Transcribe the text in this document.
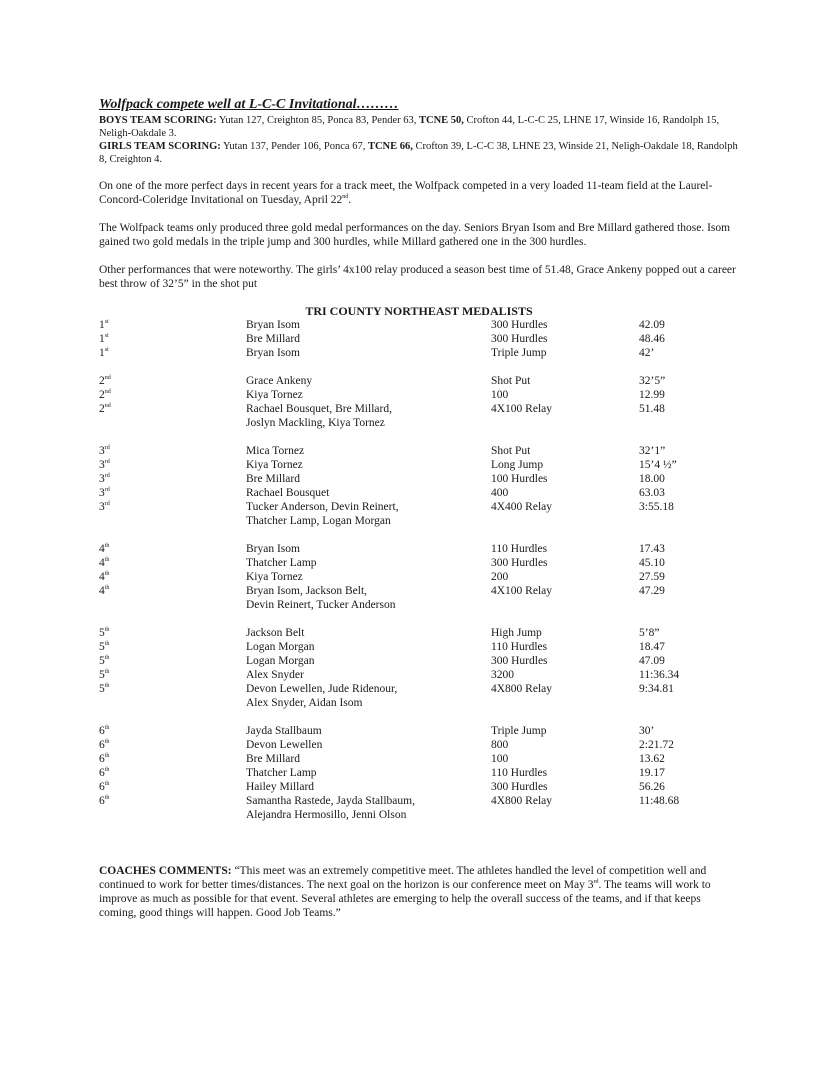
Wolfpack compete well at L-C-C Invitational………
BOYS TEAM SCORING: Yutan 127, Creighton 85, Ponca 83, Pender 63, TCNE 50, Crofton 44, L-C-C 25, LHNE 17, Winside 16, Randolph 15, Neligh-Oakdale 3.
GIRLS TEAM SCORING: Yutan 137, Pender 106, Ponca 67, TCNE 66, Crofton 39, L-C-C 38, LHNE 23, Winside 21, Neligh-Oakdale 18, Randolph 8, Creighton 4.
On one of the more perfect days in recent years for a track meet, the Wolfpack competed in a very loaded 11-team field at the Laurel-Concord-Coleridge Invitational on Tuesday, April 22nd.
The Wolfpack teams only produced three gold medal performances on the day. Seniors Bryan Isom and Bre Millard gathered those. Isom gained two gold medals in the triple jump and 300 hurdles, while Millard gathered one in the 300 hurdles.
Other performances that were noteworthy. The girls’ 4x100 relay produced a season best time of 51.48, Grace Ankeny popped out a career best throw of 32’5” in the shot put
TRI COUNTY NORTHEAST MEDALISTS
1st	Bryan Isom	300 Hurdles	42.09
1st	Bre Millard	300 Hurdles	48.46
1st	Bryan Isom	Triple Jump	42’
2nd	Grace Ankeny	Shot Put	32’5”
2nd	Kiya Tornez	100	12.99
2nd	Rachael Bousquet, Bre Millard,
Joslyn Mackling, Kiya Tornez
4X100 Relay	51.48
3rd	Mica Tornez	Shot Put	32’1”
3rd	Kiya Tornez	Long Jump	15’4 ½”
3rd	Bre Millard	100 Hurdles	18.00
3rd	Rachael Bousquet	400	63.03
3rd	Tucker Anderson, Devin Reinert,
Thatcher Lamp, Logan Morgan
4X400 Relay	3:55.18
4th	Bryan Isom	110 Hurdles	17.43
4th	Thatcher Lamp	300 Hurdles	45.10
4th	Kiya Tornez	200	27.59
4th	Bryan Isom, Jackson Belt,
Devin Reinert, Tucker Anderson
4X100 Relay	47.29
5th	Jackson Belt	High Jump	5’8”
5th	Logan Morgan	110 Hurdles	18.47
5th	Logan Morgan	300 Hurdles	47.09
5th	Alex Snyder	3200	11:36.34
5th	Devon Lewellen, Jude Ridenour,
Alex Snyder, Aidan Isom
4X800 Relay	9:34.81
6th	Jayda Stallbaum	Triple Jump	30’
6th	Devon Lewellen	800	2:21.72
6th	Bre Millard	100	13.62
6th	Thatcher Lamp	110 Hurdles	19.17
6th	Hailey Millard	300 Hurdles	56.26
6th	Samantha Rastede, Jayda Stallbaum,
Alejandra Hermosillo, Jenni Olson
4X800 Relay	11:48.68
COACHES COMMENTS: “This meet was an extremely competitive meet. The athletes handled the level of competition well and continued to work for better times/distances. The next goal on the horizon is our conference meet on May 3rd. The teams will work to improve as much as possible for that event. Several athletes are emerging to help the overall success of the teams, and if that keeps coming, good things will happen. Good Job Teams.”
